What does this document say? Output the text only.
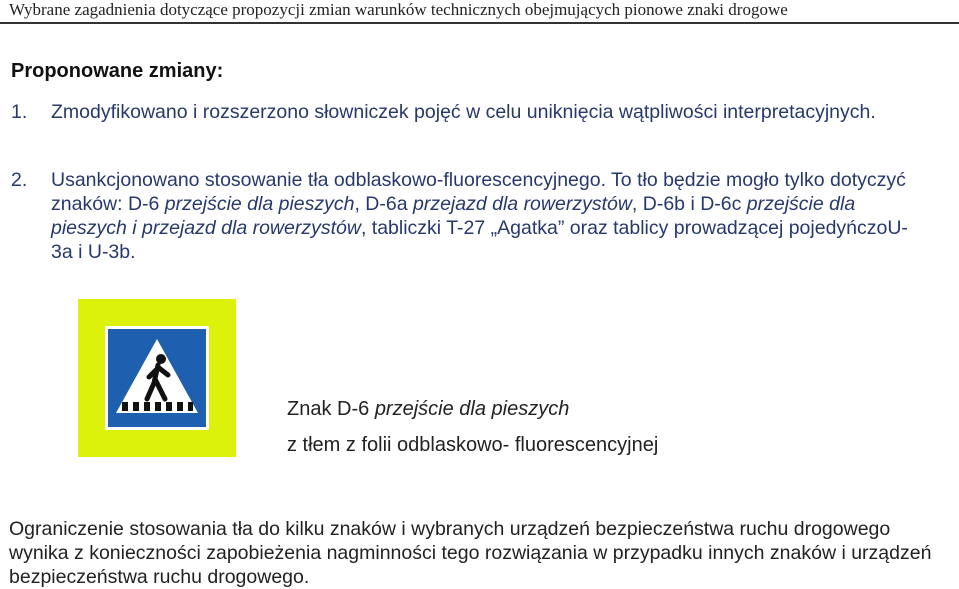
Wybrane zagadnienia dotyczące propozycji zmian warunków technicznych obejmujących pionowe znaki drogowe
Proponowane zmiany:
1. Zmodyfikowano i rozszerzono słowniczek pojęć w celu uniknięcia wątpliwości interpretacyjnych.
2. Usankcjonowano stosowanie tła odblaskowo-fluorescencyjnego. To tło będzie mogło tylko dotyczyć znaków: D-6 przejście dla pieszych, D-6a przejazd dla rowerzystów, D-6b i D-6c przejście dla pieszych i przejazd dla rowerzystów, tabliczki T-27 „Agatka” oraz tablicy prowadzącej pojedyńczoU-3a i U-3b.
Znak D-6 przejście dla pieszych
z tłem z folii odblaskowo- fluorescencyjnej
Ograniczenie stosowania tła do kilku znaków i wybranych urządzeń bezpieczeństwa ruchu drogowego wynika z konieczności zapobieżenia nagminności tego rozwiązania w przypadku innych znaków i urządzeń bezpieczeństwa ruchu drogowego.
